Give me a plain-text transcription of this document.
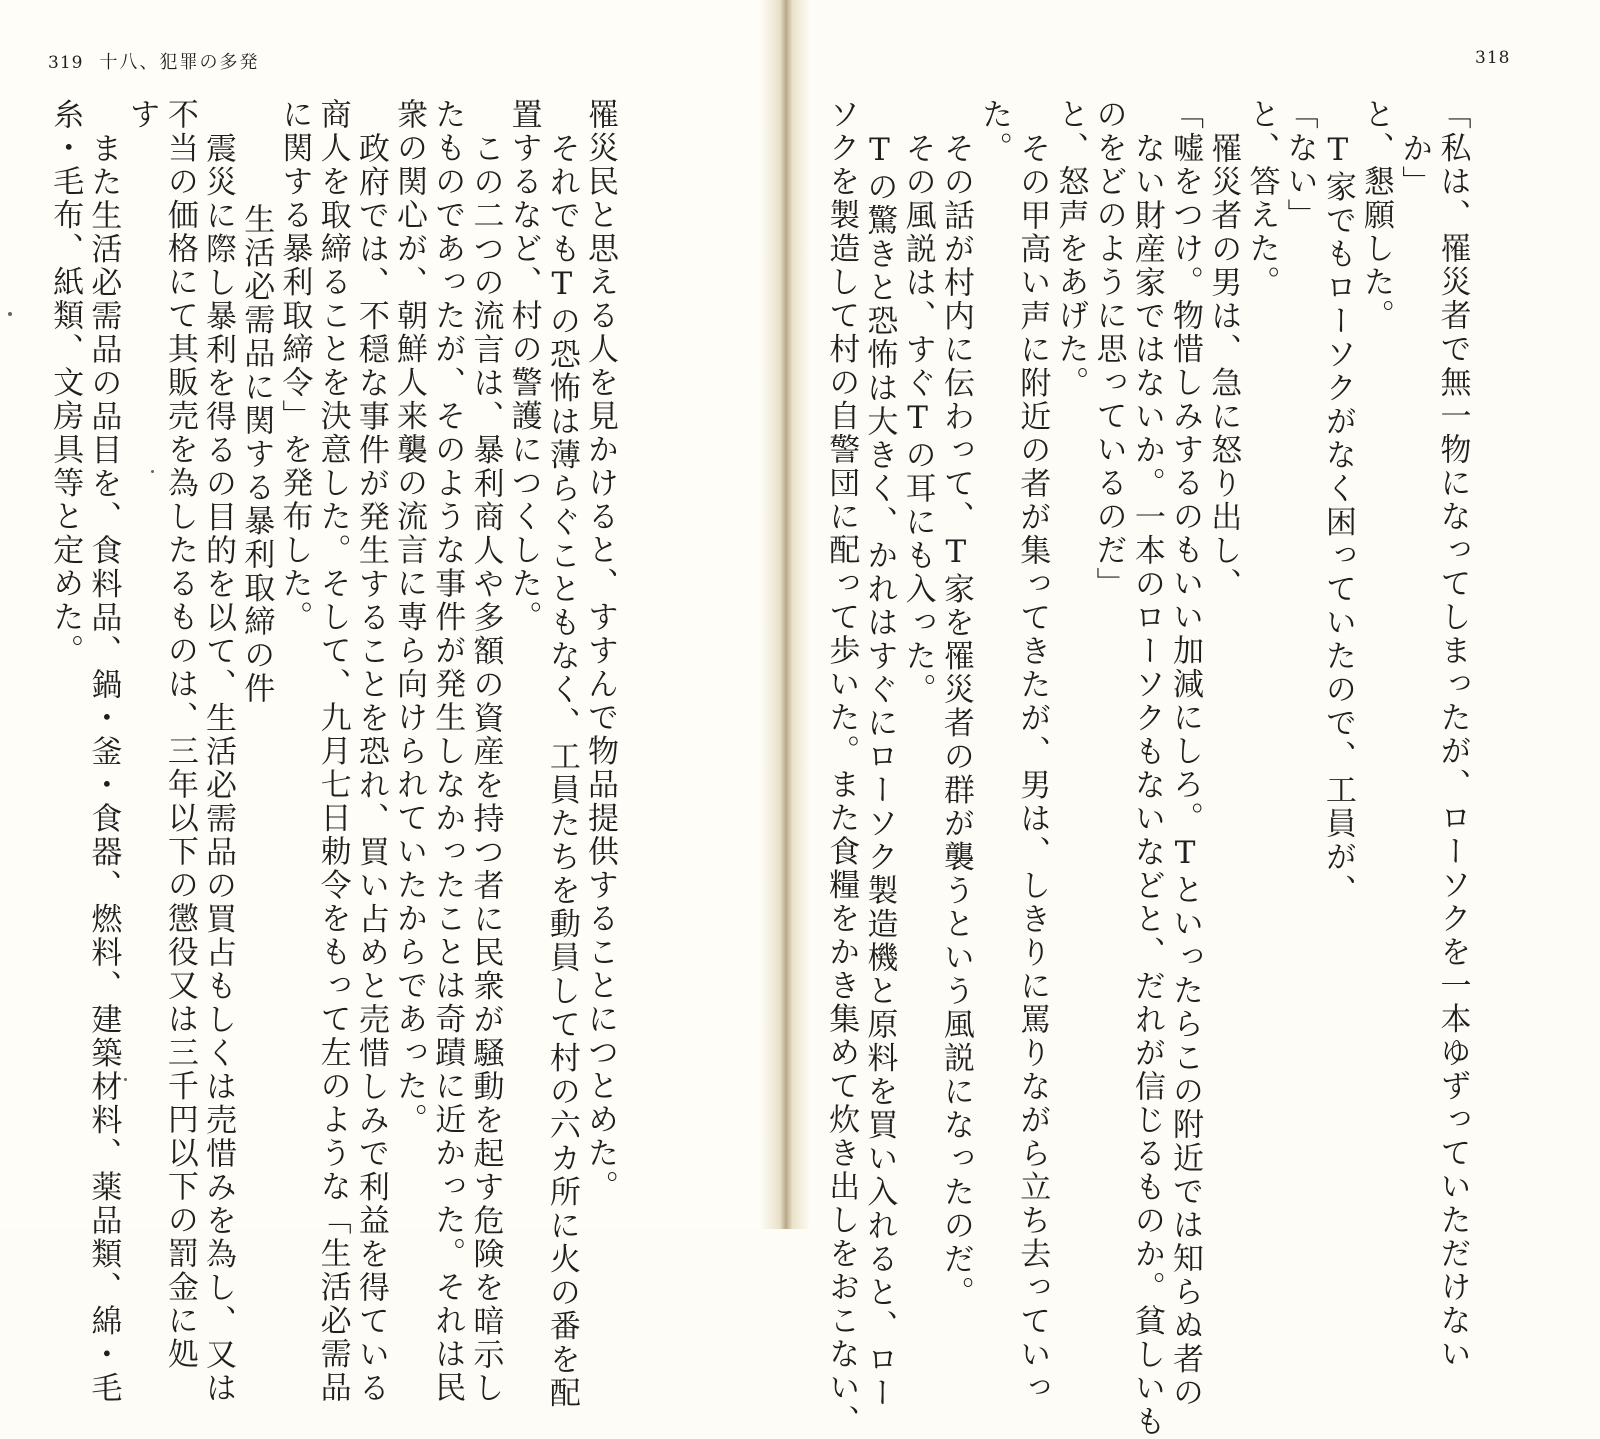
319 十八、犯罪の多発	318
「私は、罹災者で無一物になってしまったが、ローソクを一本ゆずっていただけない
か」
と、懇願した。
T家でもローソクがなく困っていたので、工員が、
「ない」
と、答えた。
罹災者の男は、急に怒り出し、
「嘘をつけ。物惜しみするのもいい加減にしろ。Tといったらこの附近では知らぬ者の
ない財産家ではないか。一本のローソクもないなどと、だれが信じるものか。貧しいも
のをどのように思っているのだ」
と、怒声をあげた。
その甲高い声に附近の者が集ってきたが、男は、しきりに罵りながら立ち去っていっ
た。
その話が村内に伝わって、T家を罹災者の群が襲うという風説になったのだ。
その風説は、すぐTの耳にも入った。
Tの驚きと恐怖は大きく、かれはすぐにローソク製造機と原料を買い入れると、ロー
ソクを製造して村の自警団に配って歩いた。また食糧をかき集めて炊き出しをおこない、
罹災民と思える人を見かけると、すすんで物品提供することにつとめた。
それでもTの恐怖は薄らぐこともなく、工員たちを動員して村の六カ所に火の番を配
置するなど、村の警護につくした。
この二つの流言は、暴利商人や多額の資産を持つ者に民衆が騒動を起す危険を暗示し
たものであったが、そのような事件が発生しなかったことは奇蹟に近かった。それは民
衆の関心が、朝鮮人来襲の流言に専ら向けられていたからであった。
政府では、不穏な事件が発生することを恐れ、買い占めと売惜しみで利益を得ている
商人を取締ることを決意した。そして、九月七日勅令をもって左のような「生活必需品
に関する暴利取締令」を発布した。
生活必需品に関する暴利取締の件
震災に際し暴利を得るの目的を以て、生活必需品の買占もしくは売惜みを為し、又は
不当の価格にて其販売を為したるものは、三年以下の懲役又は三千円以下の罰金に処
す
また生活必需品の品目を、食料品、鍋・釜・食器、燃料、建築材料、薬品類、綿・毛
糸・毛布、紙類、文房具等と定めた。
